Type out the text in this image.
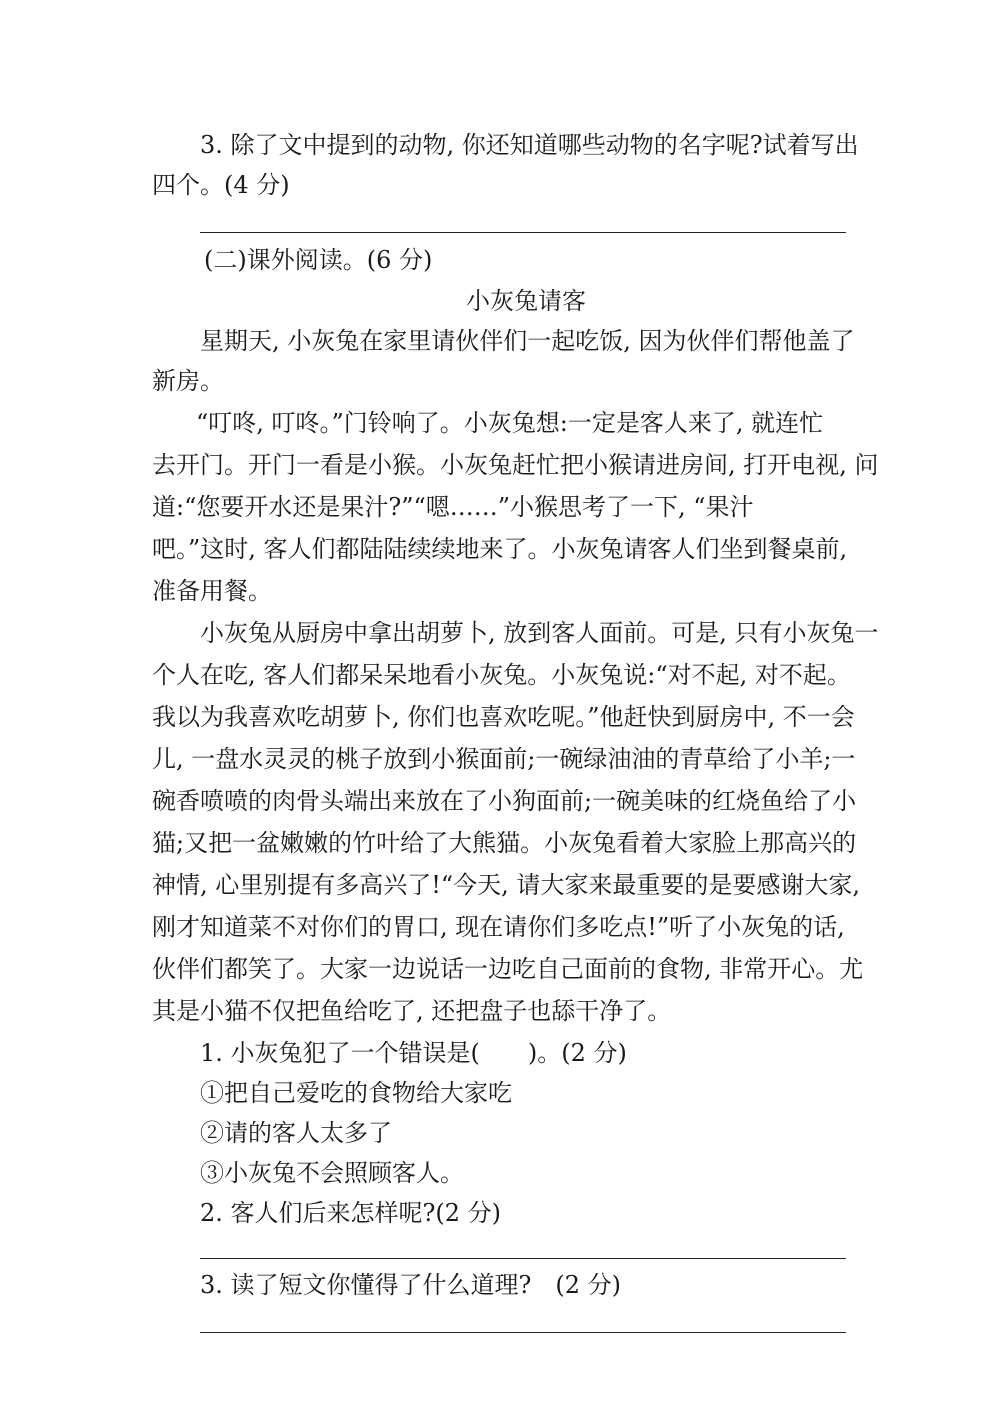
3. 除了文中提到的动物, 你还知道哪些动物的名字呢?试着写出
四个。(4 分)
(二)课外阅读。(6 分)
小灰兔请客
星期天, 小灰兔在家里请伙伴们一起吃饭, 因为伙伴们帮他盖了
新房。
“叮咚, 叮咚。”门铃响了。小灰兔想:一定是客人来了, 就连忙
去开门。开门一看是小猴。小灰兔赶忙把小猴请进房间, 打开电视, 问
道:“您要开水还是果汁?”“嗯……”小猴思考了一下, “果汁
吧。”这时, 客人们都陆陆续续地来了。小灰兔请客人们坐到餐桌前,
准备用餐。
小灰兔从厨房中拿出胡萝卜, 放到客人面前。可是, 只有小灰兔一
个人在吃, 客人们都呆呆地看小灰兔。小灰兔说:“对不起, 对不起。
我以为我喜欢吃胡萝卜, 你们也喜欢吃呢。”他赶快到厨房中, 不一会
儿, 一盘水灵灵的桃子放到小猴面前;一碗绿油油的青草给了小羊;一
碗香喷喷的肉骨头端出来放在了小狗面前;一碗美味的红烧鱼给了小
猫;又把一盆嫩嫩的竹叶给了大熊猫。小灰兔看着大家脸上那高兴的
神情, 心里别提有多高兴了!“今天, 请大家来最重要的是要感谢大家,
刚才知道菜不对你们的胃口, 现在请你们多吃点!”听了小灰兔的话,
伙伴们都笑了。大家一边说话一边吃自己面前的食物, 非常开心。尤
其是小猫不仅把鱼给吃了, 还把盘子也舔干净了。
1. 小灰兔犯了一个错误是(　　)。(2 分)
①把自己爱吃的食物给大家吃
②请的客人太多了
③小灰兔不会照顾客人。
2. 客人们后来怎样呢?(2 分)
3. 读了短文你懂得了什么道理?　(2 分)
